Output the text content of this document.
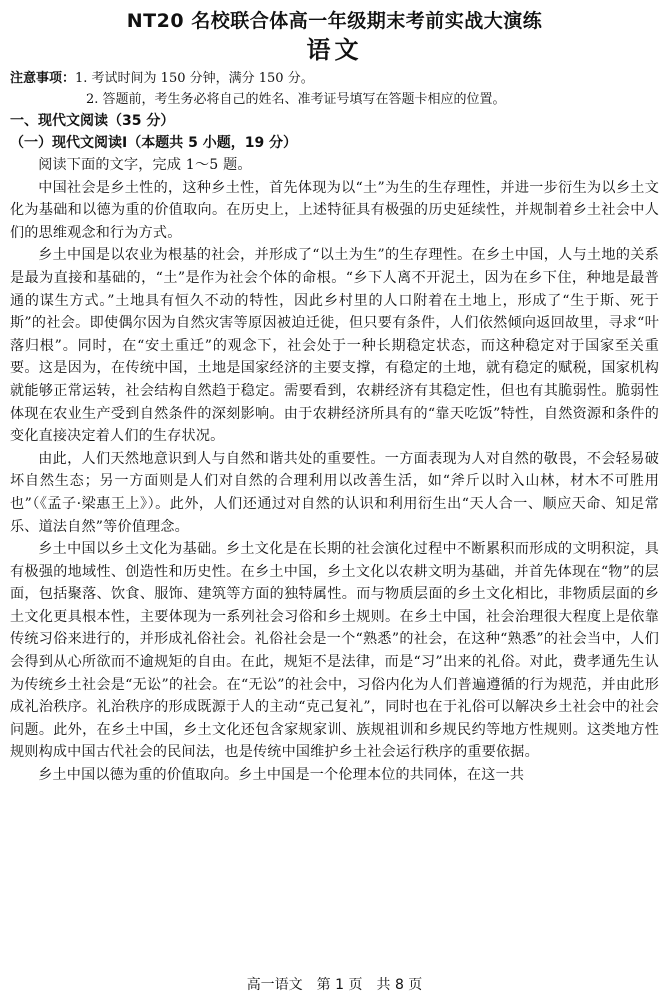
NT20 名校联合体高一年级期末考前实战大演练
语文
注意事项：1. 考试时间为 150 分钟，满分 150 分。
2. 答题前，考生务必将自己的姓名、准考证号填写在答题卡相应的位置。
一、现代文阅读（35 分）
（一）现代文阅读Ⅰ（本题共 5 小题，19 分）

阅读下面的文字，完成 1～5 题。

中国社会是乡土性的，这种乡土性，首先体现为以“土”为生的生存理性，并进一步衍生为以乡土文化为基础和以德为重的价值取向。在历史上，上述特征具有极强的历史延续性，并规制着乡土社会中人们的思维观念和行为方式。

乡土中国是以农业为根基的社会，并形成了“以土为生”的生存理性。在乡土中国，人与土地的关系是最为直接和基础的，“土”是作为社会个体的命根。“乡下人离不开泥土，因为在乡下住，种地是最普通的谋生方式。”土地具有恒久不动的特性，因此乡村里的人口附着在土地上，形成了“生于斯、死于斯”的社会。即使偶尔因为自然灾害等原因被迫迁徙，但只要有条件，人们依然倾向返回故里，寻求“叶落归根”。同时，在“安土重迁”的观念下，社会处于一种长期稳定状态，而这种稳定对于国家至关重要。这是因为，在传统中国，土地是国家经济的主要支撑，有稳定的土地，就有稳定的赋税，国家机构就能够正常运转，社会结构自然趋于稳定。需要看到，农耕经济有其稳定性，但也有其脆弱性。脆弱性体现在农业生产受到自然条件的深刻影响。由于农耕经济所具有的“靠天吃饭”特性，自然资源和条件的变化直接决定着人们的生存状况。

由此，人们天然地意识到人与自然和谐共处的重要性。一方面表现为人对自然的敬畏，不会轻易破坏自然生态；另一方面则是人们对自然的合理利用以改善生活，如“斧斤以时入山林，材木不可胜用也”（《孟子·梁惠王上》）。此外，人们还通过对自然的认识和利用衍生出“天人合一、顺应天命、知足常乐、道法自然”等价值理念。

乡土中国以乡土文化为基础。乡土文化是在长期的社会演化过程中不断累积而形成的文明积淀，具有极强的地域性、创造性和历史性。在乡土中国，乡土文化以农耕文明为基础，并首先体现在“物”的层面，包括聚落、饮食、服饰、建筑等方面的独特属性。而与物质层面的乡土文化相比，非物质层面的乡土文化更具根本性，主要体现为一系列社会习俗和乡土规则。在乡土中国，社会治理很大程度上是依靠传统习俗来进行的，并形成礼俗社会。礼俗社会是一个“熟悉”的社会，在这种“熟悉”的社会当中，人们会得到从心所欲而不逾规矩的自由。在此，规矩不是法律，而是“习”出来的礼俗。对此，费孝通先生认为传统乡土社会是“无讼”的社会。在“无讼”的社会中，习俗内化为人们普遍遵循的行为规范，并由此形成礼治秩序。礼治秩序的形成既源于人的主动“克己复礼”，同时也在于礼俗可以解决乡土社会中的社会问题。此外，在乡土中国，乡土文化还包含家规家训、族规祖训和乡规民约等地方性规则。这类地方性规则构成中国古代社会的民间法，也是传统中国维护乡土社会运行秩序的重要依据。

乡土中国以德为重的价值取向。乡土中国是一个伦理本位的共同体，在这一共

高一语文　第 1 页　共 8 页
